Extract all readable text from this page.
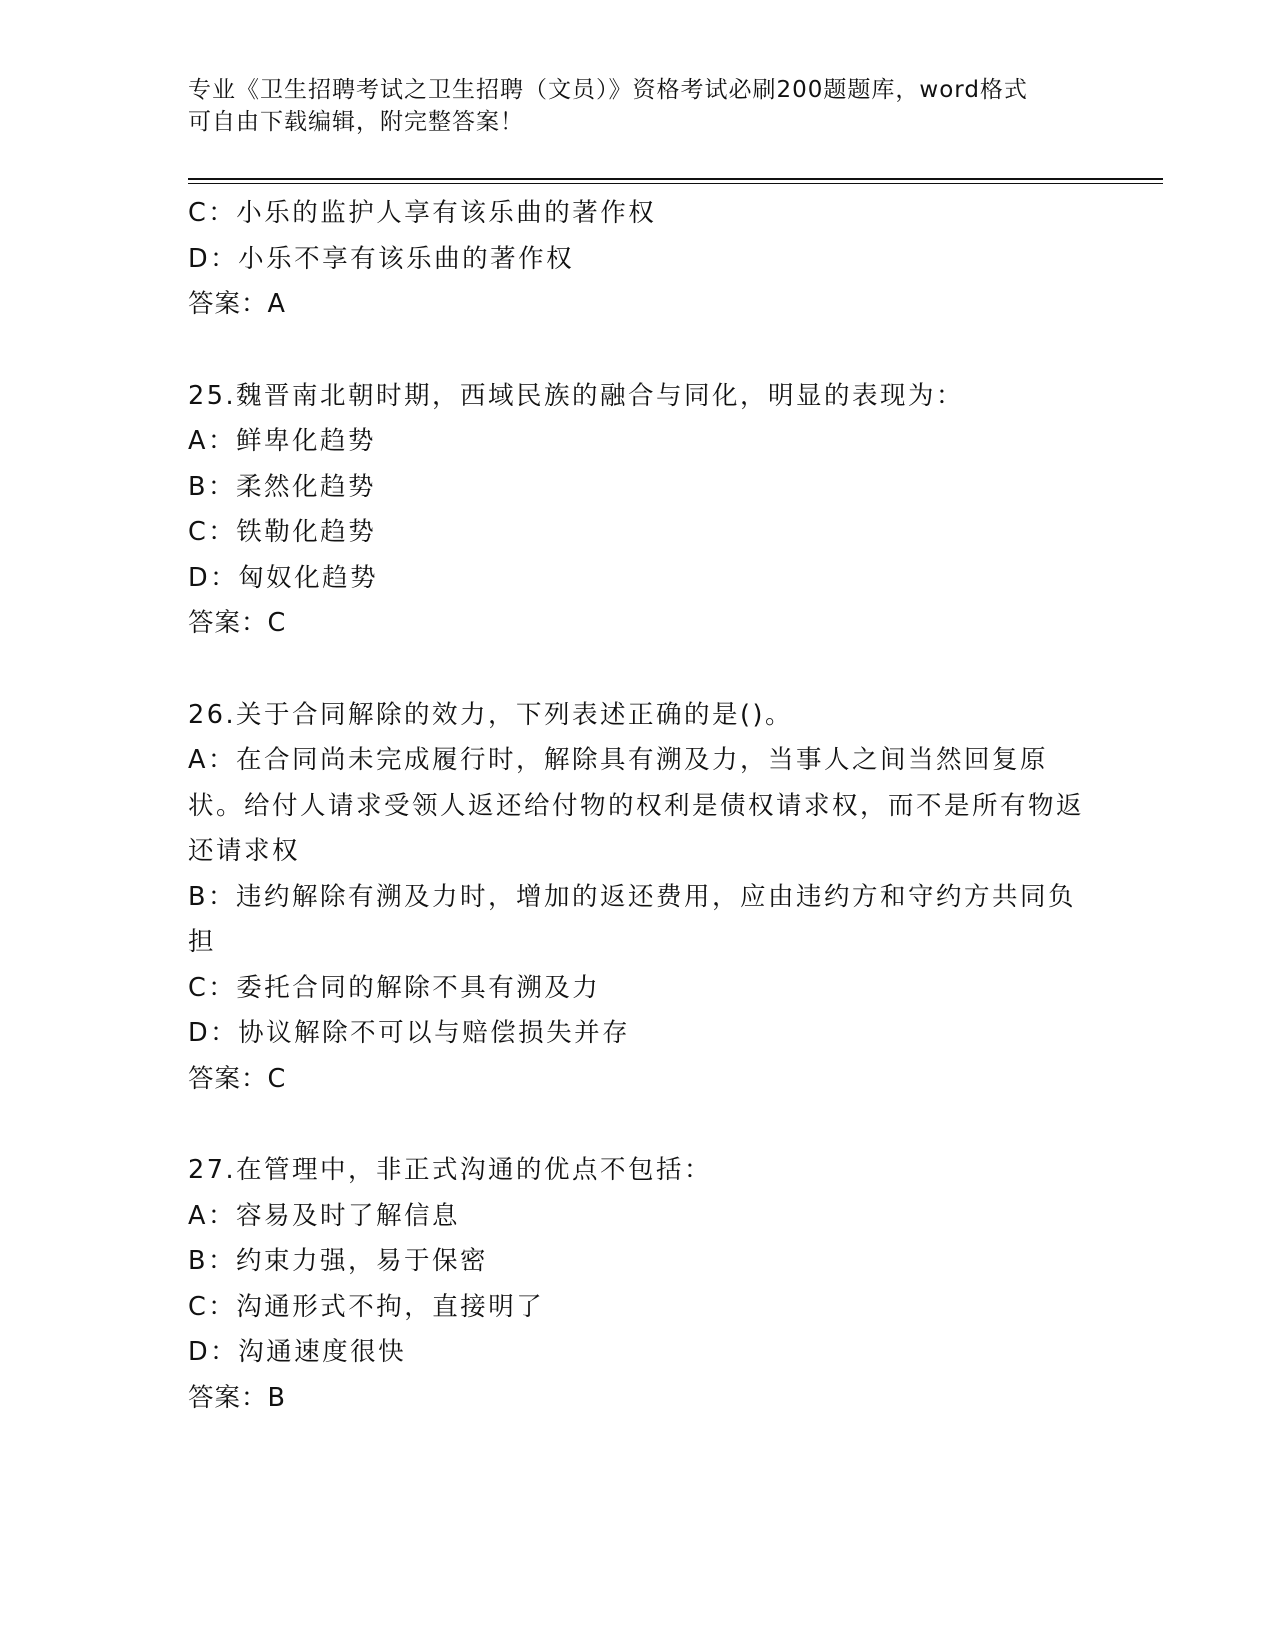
专业《卫生招聘考试之卫生招聘（文员）》资格考试必刷200题题库，word格式
可自由下载编辑，附完整答案！

C：小乐的监护人享有该乐曲的著作权

D：小乐不享有该乐曲的著作权

答案：A

25.魏晋南北朝时期，西域民族的融合与同化，明显的表现为：

A：鲜卑化趋势

B：柔然化趋势

C：铁勒化趋势

D：匈奴化趋势

答案：C

26.关于合同解除的效力，下列表述正确的是()。

A：在合同尚未完成履行时，解除具有溯及力，当事人之间当然回复原状。给付人请求受领人返还给付物的权利是债权请求权，而不是所有物返还请求权

B：违约解除有溯及力时，增加的返还费用，应由违约方和守约方共同负担

C：委托合同的解除不具有溯及力

D：协议解除不可以与赔偿损失并存

答案：C

27.在管理中，非正式沟通的优点不包括：

A：容易及时了解信息

B：约束力强，易于保密

C：沟通形式不拘，直接明了

D：沟通速度很快

答案：B
